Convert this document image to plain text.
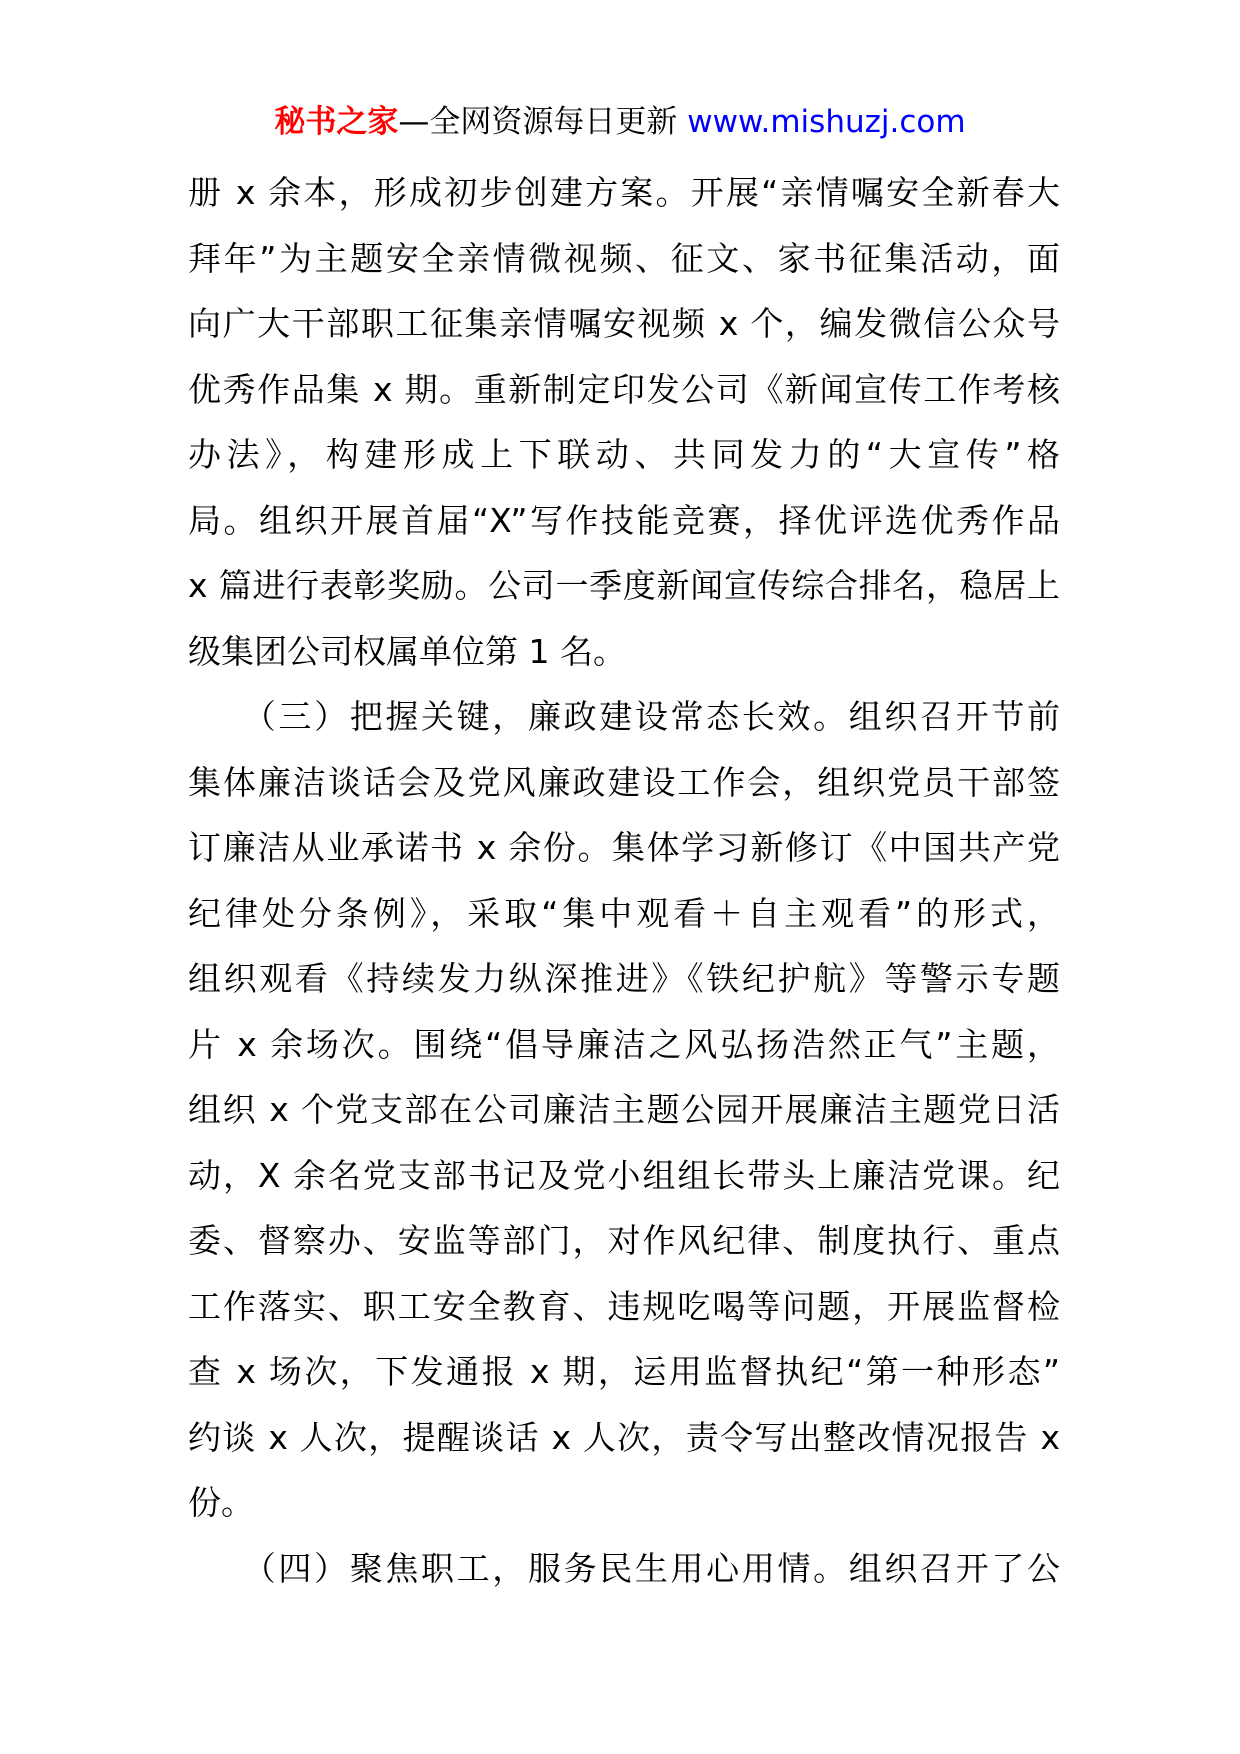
秘书之家—全网资源每日更新 www.mishuzj.com
册 x 余本，形成初步创建方案。开展“亲情嘱安全新春大
拜年”为主题安全亲情微视频、征文、家书征集活动，面
向广大干部职工征集亲情嘱安视频 x 个，编发微信公众号
优秀作品集 x 期。重新制定印发公司《新闻宣传工作考核
办法》，构建形成上下联动、共同发力的“大宣传”格
局。组织开展首届“X”写作技能竞赛，择优评选优秀作品
x 篇进行表彰奖励。公司一季度新闻宣传综合排名，稳居上
级集团公司权属单位第 1 名。
　　（三）把握关键，廉政建设常态长效。组织召开节前
集体廉洁谈话会及党风廉政建设工作会，组织党员干部签
订廉洁从业承诺书 x 余份。集体学习新修订《中国共产党
纪律处分条例》，采取“集中观看＋自主观看”的形式，
组织观看《持续发力纵深推进》《铁纪护航》等警示专题
片 x 余场次。围绕“倡导廉洁之风弘扬浩然正气”主题，
组织 x 个党支部在公司廉洁主题公园开展廉洁主题党日活
动，X 余名党支部书记及党小组组长带头上廉洁党课。纪
委、督察办、安监等部门，对作风纪律、制度执行、重点
工作落实、职工安全教育、违规吃喝等问题，开展监督检
查 x 场次，下发通报 x 期，运用监督执纪“第一种形态”
约谈 x 人次，提醒谈话 x 人次，责令写出整改情况报告 x
份。
　　（四）聚焦职工，服务民生用心用情。组织召开了公
